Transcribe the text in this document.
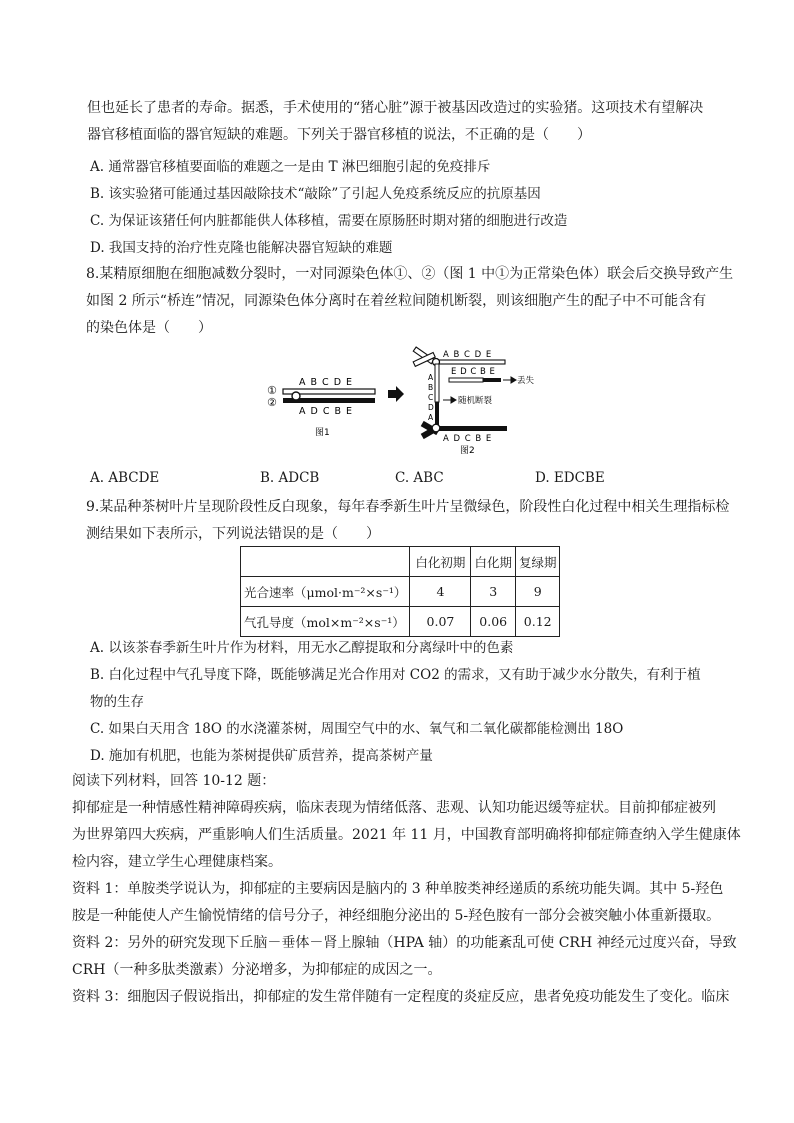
但也延长了患者的寿命。据悉，手术使用的“猪心脏”源于被基因改造过的实验猪。这项技术有望解决
器官移植面临的器官短缺的难题。下列关于器官移植的说法，不正确的是（　　）
A. 通常器官移植要面临的难题之一是由 T 淋巴细胞引起的免疫排斥
B. 该实验猪可能通过基因敲除技术“敲除”了引起人免疫系统反应的抗原基因
C. 为保证该猪任何内脏都能供人体移植，需要在原肠胚时期对猪的细胞进行改造
D. 我国支持的治疗性克隆也能解决器官短缺的难题
8.某精原细胞在细胞减数分裂时，一对同源染色体①、②（图 1 中①为正常染色体）联会后交换导致产生
如图 2 所示“桥连”情况，同源染色体分离时在着丝粒间随机断裂，则该细胞产生的配子中不可能含有
的染色体是（　　）
①
②
A B C D E
A D C B E
图1
A B C D E
E D C B E
丢失
A
B
C
D
A
随机断裂
A D C B E
图2
A. ABCDE	B. ADCB	C. ABC	D. EDCBE
9.某品种茶树叶片呈现阶段性反白现象，每年春季新生叶片呈微绿色，阶段性白化过程中相关生理指标检
测结果如下表所示，下列说法错误的是（　　）
	白化初期	白化期	复绿期
光合速率（μmol·m⁻²×s⁻¹）	4	3	9
气孔导度（mol×m⁻²×s⁻¹）	0.07	0.06	0.12
A. 以该茶春季新生叶片作为材料，用无水乙醇提取和分离绿叶中的色素
B. 白化过程中气孔导度下降，既能够满足光合作用对 CO2 的需求，又有助于减少水分散失，有利于植
物的生存
C. 如果白天用含 18O 的水浇灌茶树，周围空气中的水、氧气和二氧化碳都能检测出 18O
D. 施加有机肥，也能为茶树提供矿质营养，提高茶树产量
阅读下列材料，回答 10-12 题：
抑郁症是一种情感性精神障碍疾病，临床表现为情绪低落、悲观、认知功能迟缓等症状。目前抑郁症被列
为世界第四大疾病，严重影响人们生活质量。2021 年 11 月，中国教育部明确将抑郁症筛查纳入学生健康体
检内容，建立学生心理健康档案。
资料 1：单胺类学说认为，抑郁症的主要病因是脑内的 3 种单胺类神经递质的系统功能失调。其中 5-羟色
胺是一种能使人产生愉悦情绪的信号分子，神经细胞分泌出的 5-羟色胺有一部分会被突触小体重新摄取。
资料 2：另外的研究发现下丘脑－垂体－肾上腺轴（HPA 轴）的功能紊乱可使 CRH 神经元过度兴奋，导致
CRH（一种多肽类激素）分泌增多，为抑郁症的成因之一。
资料 3：细胞因子假说指出，抑郁症的发生常伴随有一定程度的炎症反应，患者免疫功能发生了变化。临床
